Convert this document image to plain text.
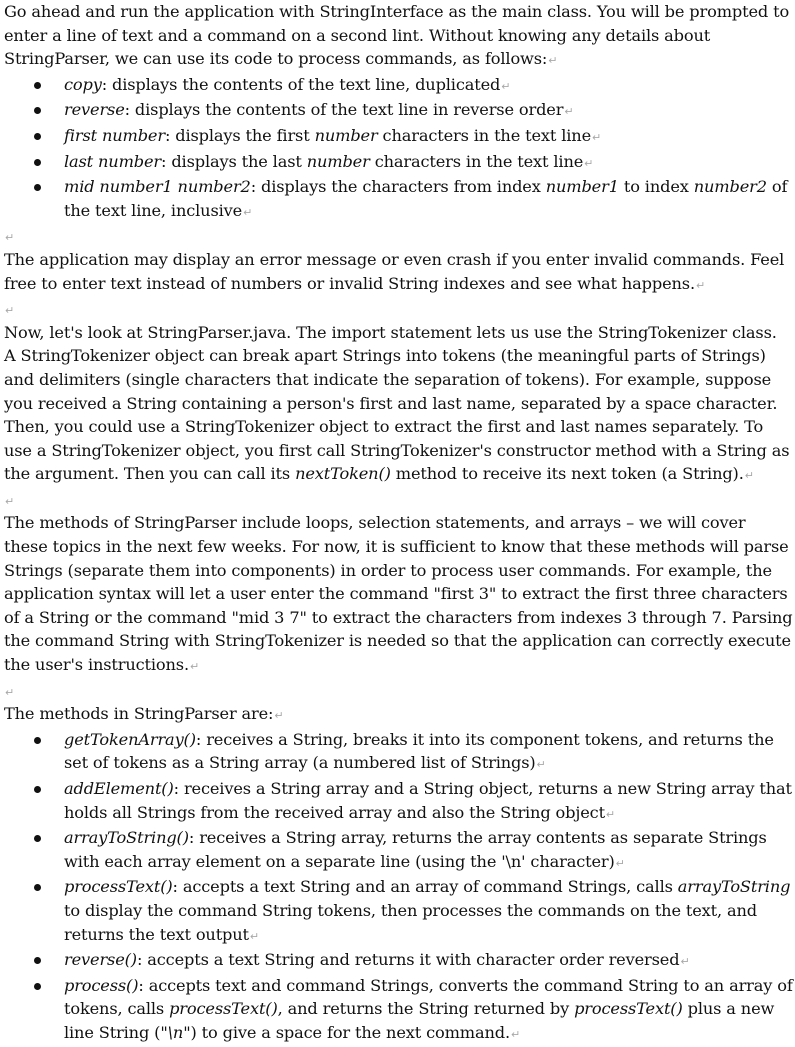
Go ahead and run the application with StringInterface as the main class. You will be prompted to enter a line of text and a command on a second lint. Without knowing any details about StringParser, we can use its code to process commands, as follows:↵

copy: displays the contents of the text line, duplicated↵
reverse: displays the contents of the text line in reverse order↵
first number: displays the first number characters in the text line↵
last number: displays the last number characters in the text line↵
mid number1 number2: displays the characters from index number1 to index number2 of the text line, inclusive↵

↵

The application may display an error message or even crash if you enter invalid commands. Feel free to enter text instead of numbers or invalid String indexes and see what happens.↵

↵

Now, let's look at StringParser.java. The import statement lets us use the StringTokenizer class. A StringTokenizer object can break apart Strings into tokens (the meaningful parts of Strings) and delimiters (single characters that indicate the separation of tokens). For example, suppose you received a String containing a person's first and last name, separated by a space character. Then, you could use a StringTokenizer object to extract the first and last names separately. To use a StringTokenizer object, you first call StringTokenizer's constructor method with a String as the argument. Then you can call its nextToken() method to receive its next token (a String).↵

↵

The methods of StringParser include loops, selection statements, and arrays – we will cover these topics in the next few weeks. For now, it is sufficient to know that these methods will parse Strings (separate them into components) in order to process user commands. For example, the application syntax will let a user enter the command "first 3" to extract the first three characters of a String or the command "mid 3 7" to extract the characters from indexes 3 through 7. Parsing the command String with StringTokenizer is needed so that the application can correctly execute the user's instructions.↵

↵

The methods in StringParser are:↵

getTokenArray(): receives a String, breaks it into its component tokens, and returns the set of tokens as a String array (a numbered list of Strings)↵
addElement(): receives a String array and a String object, returns a new String array that holds all Strings from the received array and also the String object↵
arrayToString(): receives a String array, returns the array contents as separate Strings with each array element on a separate line (using the '\n' character)↵
processText(): accepts a text String and an array of command Strings, calls arrayToString to display the command String tokens, then processes the commands on the text, and returns the text output↵
reverse(): accepts a text String and returns it with character order reversed↵
process(): accepts text and command Strings, converts the command String to an array of tokens, calls processText(), and returns the String returned by processText() plus a new line String ("\n") to give a space for the next command.↵
